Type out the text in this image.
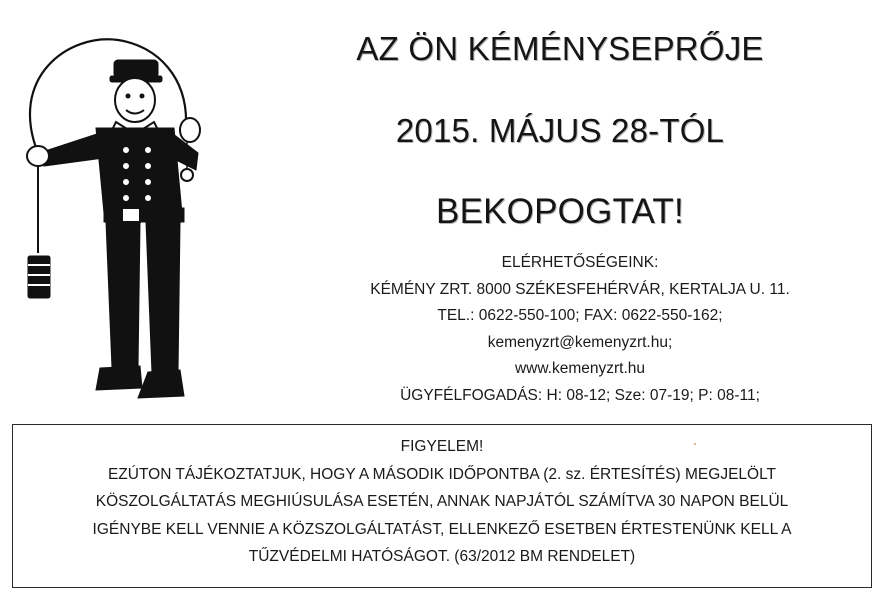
AZ ÖN KÉMÉNYSEPRŐJE
2015. MÁJUS 28-TÓL
BEKOPOGTAT!
ELÉRHETŐSÉGEINK:
KÉMÉNY ZRT. 8000 SZÉKESFEHÉRVÁR, KERTALJA U. 11.
TEL.: 0622-550-100; FAX: 0622-550-162;
kemenyzrt@kemenyzrt.hu;
www.kemenyzrt.hu
ÜGYFÉLFOGADÁS: H: 08-12; Sze: 07-19; P: 08-11;
FIGYELEM!
EZÚTON TÁJÉKOZTATJUK, HOGY A MÁSODIK IDŐPONTBA (2. sz. ÉRTESÍTÉS) MEGJELÖLT
KÖSZOLGÁLTATÁS MEGHIÚSULÁSA ESETÉN, ANNAK NAPJÁTÓL SZÁMÍTVA 30 NAPON BELÜL
IGÉNYBE KELL VENNIE A KÖZSZOLGÁLTATÁST, ELLENKEZŐ ESETBEN ÉRTESTENÜNK KELL A
TŰZVÉDELMI HATÓSÁGOT. (63/2012 BM RENDELET)
